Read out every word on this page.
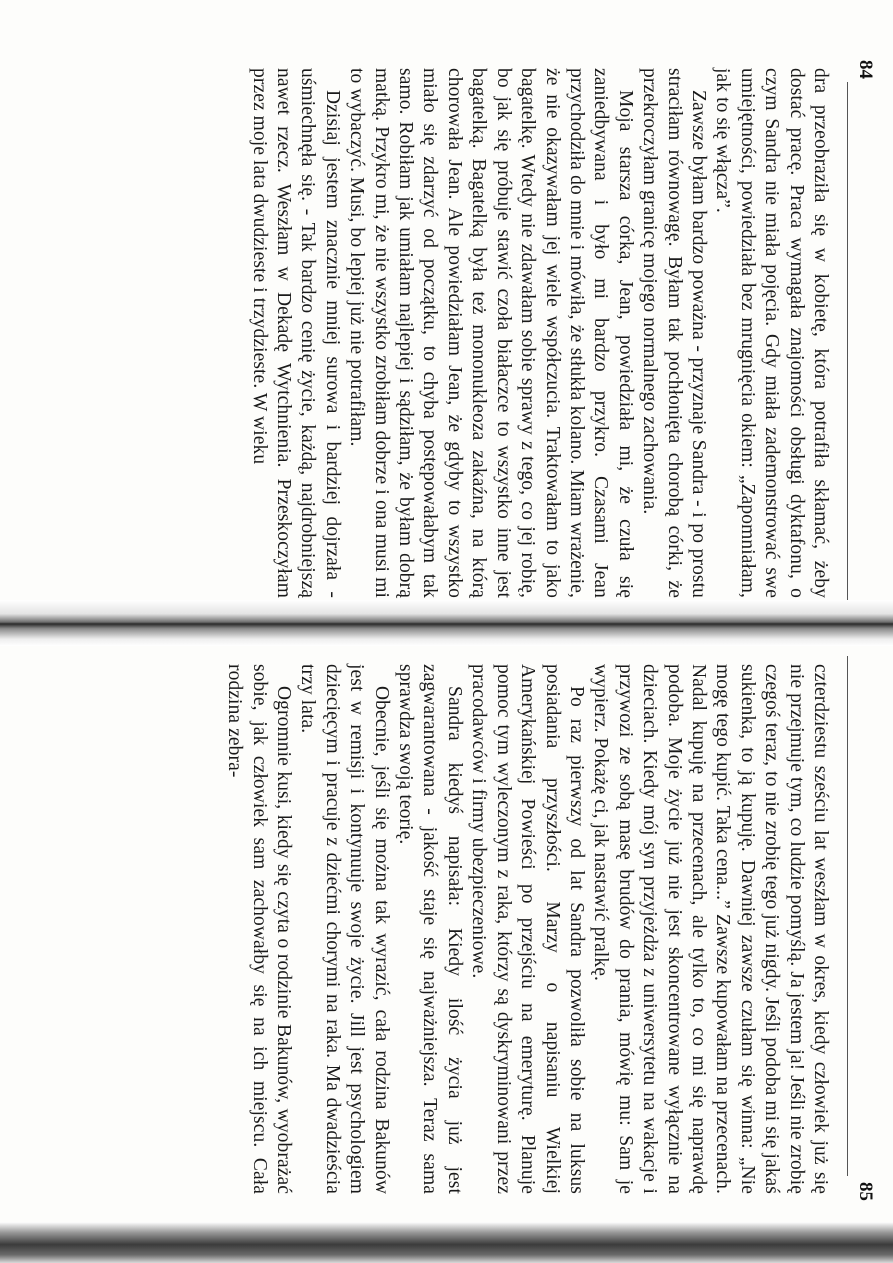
84

dra przeobraziła się w kobietę, która potrafiła skłamać, żeby dostać pracę. Praca wymagała znajomości obsługi dyktafonu, o czym Sandra nie miała pojęcia. Gdy miała zademonstrować swe umiejętności, powiedziała bez mrugnięcia okiem: „Zapomniałam, jak to się włącza”.

Zawsze byłam bardzo poważna - przyznaje Sandra - i po prostu straciłam równowagę. Byłam tak pochłonięta chorobą córki, że przekroczyłam granicę mojego normalnego zachowania.

Moja starsza córka, Jean, powiedziała mi, że czuła się zaniedbywana i było mi bardzo przykro. Czasami Jean przychodziła do mnie i mówiła, że stłukła kolano. Miam wrażenie, że nie okazywałam jej wiele współczucia. Traktowałam to jako bagatelkę. Wtedy nie zdawałam sobie sprawy z tego, co jej robię, bo jak się próbuje stawić czoła białaczce to wszystko inne jest bagatelką. Bagatelką była też mononukleoza zakaźna, na którą chorowała Jean. Ale powiedziałam Jean, że gdyby to wszystko miało się zdarzyć od początku, to chyba postępowałabym tak samo. Robiłam jak umiałam najlepiej i sądziłam, że byłam dobrą matką. Przykro mi, że nie wszystko zrobiłam dobrze i ona musi mi to wybaczyć. Musi, bo lepiej już nie potrafiłam.

Dzisiaj jestem znacznie mniej surowa i bardziej dojrzała - uśmiechnęła się. - Tak bardzo cenię życie, każdą, najdrobniejszą nawet rzecz. Weszłam w Dekadę Wytchnienia. Przeskoczyłam przez moje lata dwudzieste i trzydzieste. W wieku

85

czterdziestu sześciu lat weszłam w okres, kiedy człowiek już się nie przejmuje tym, co ludzie pomyślą. Ja jestem ja! Jeśli nie zrobię czegoś teraz, to nie zrobię tego już nigdy. Jeśli podoba mi się jakaś sukienka, to ją kupuję. Dawniej zawsze czułam się winna: „Nie mogę tego kupić. Taka cena...” Zawsze kupowałam na przecenach. Nadal kupuję na przecenach, ale tylko to, co mi się naprawdę podoba. Moje życie już nie jest skoncentrowane wyłącznie na dzieciach. Kiedy mój syn przyjeżdża z uniwersytetu na wakacje i przywozi ze sobą masę brudów do prania, mówię mu: Sam je wypierz. Pokażę ci, jak nastawić pralkę.

Po raz pierwszy od lat Sandra pozwoliła sobie na luksus posiadania przyszłości. Marzy o napisaniu Wielkiej Amerykańskiej Powieści po przejściu na emeryturę. Planuje pomoc tym wyleczonym z raka, którzy są dyskryminowani przez pracodawców i firmy ubezpieczeniowe.

Sandra kiedyś napisała: Kiedy ilość życia już jest zagwarantowana - jakość staje się najważniejsza. Teraz sama sprawdza swoją teorię.

Obecnie, jeśli się można tak wyrazić, cała rodzina Bakunów jest w remisji i kontynuuje swoje życie. Jill jest psychologiem dziecięcym i pracuje z dziećmi chorymi na raka. Ma dwadzieścia trzy lata.

Ogromnie kusi, kiedy się czyta o rodzinie Bakunów, wyobrażać sobie, jak człowiek sam zachowałby się na ich miejscu. Cała rodzina zebra-
